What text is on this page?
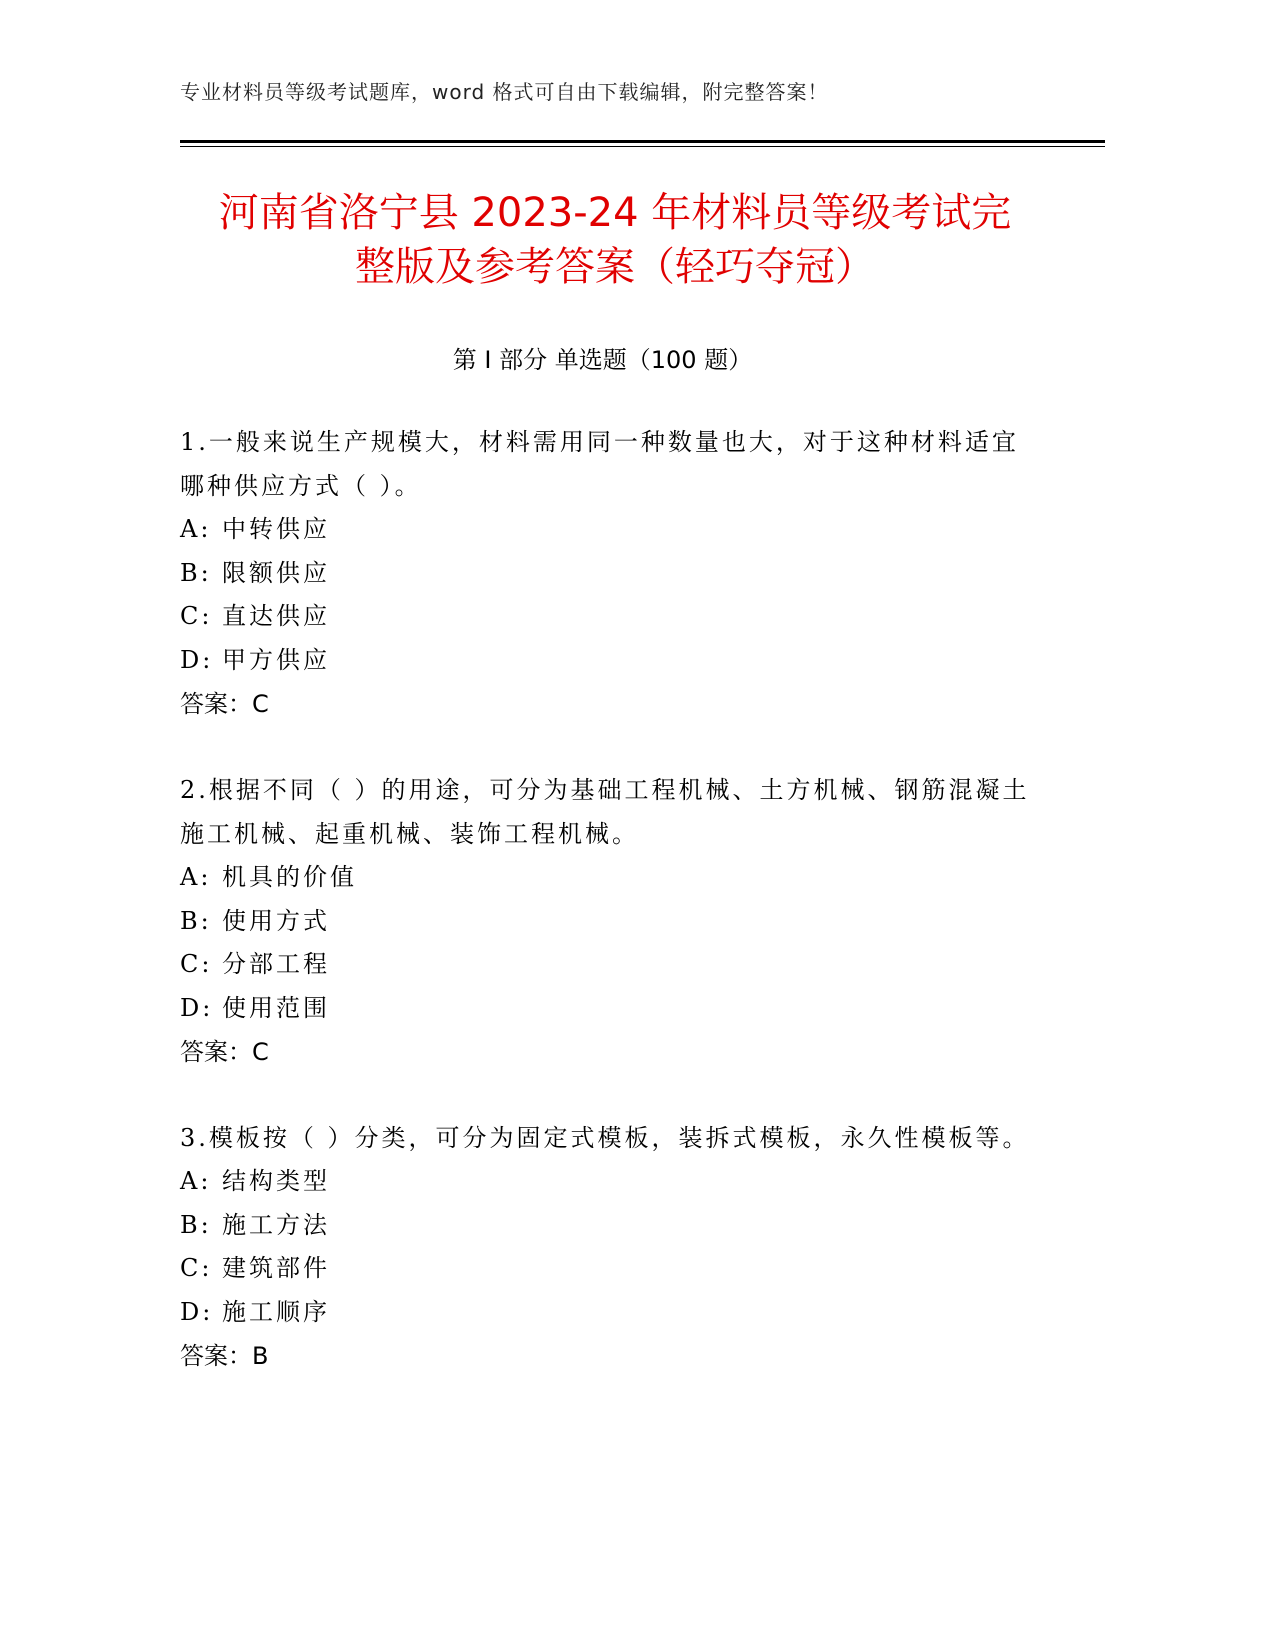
专业材料员等级考试题库，word 格式可自由下载编辑，附完整答案！
河南省洛宁县 2023-24 年材料员等级考试完
整版及参考答案（轻巧夺冠）
第 I 部分 单选题（100 题）

1.一般来说生产规模大，材料需用同一种数量也大，对于这种材料适宜哪种供应方式（ ）。

A: 中转供应

B: 限额供应

C: 直达供应

D: 甲方供应

答案：C

2.根据不同（ ）的用途，可分为基础工程机械、土方机械、钢筋混凝土施工机械、起重机械、装饰工程机械。

A: 机具的价值

B: 使用方式

C: 分部工程

D: 使用范围

答案：C

3.模板按（ ）分类，可分为固定式模板，装拆式模板，永久性模板等。

A: 结构类型

B: 施工方法

C: 建筑部件

D: 施工顺序

答案：B
